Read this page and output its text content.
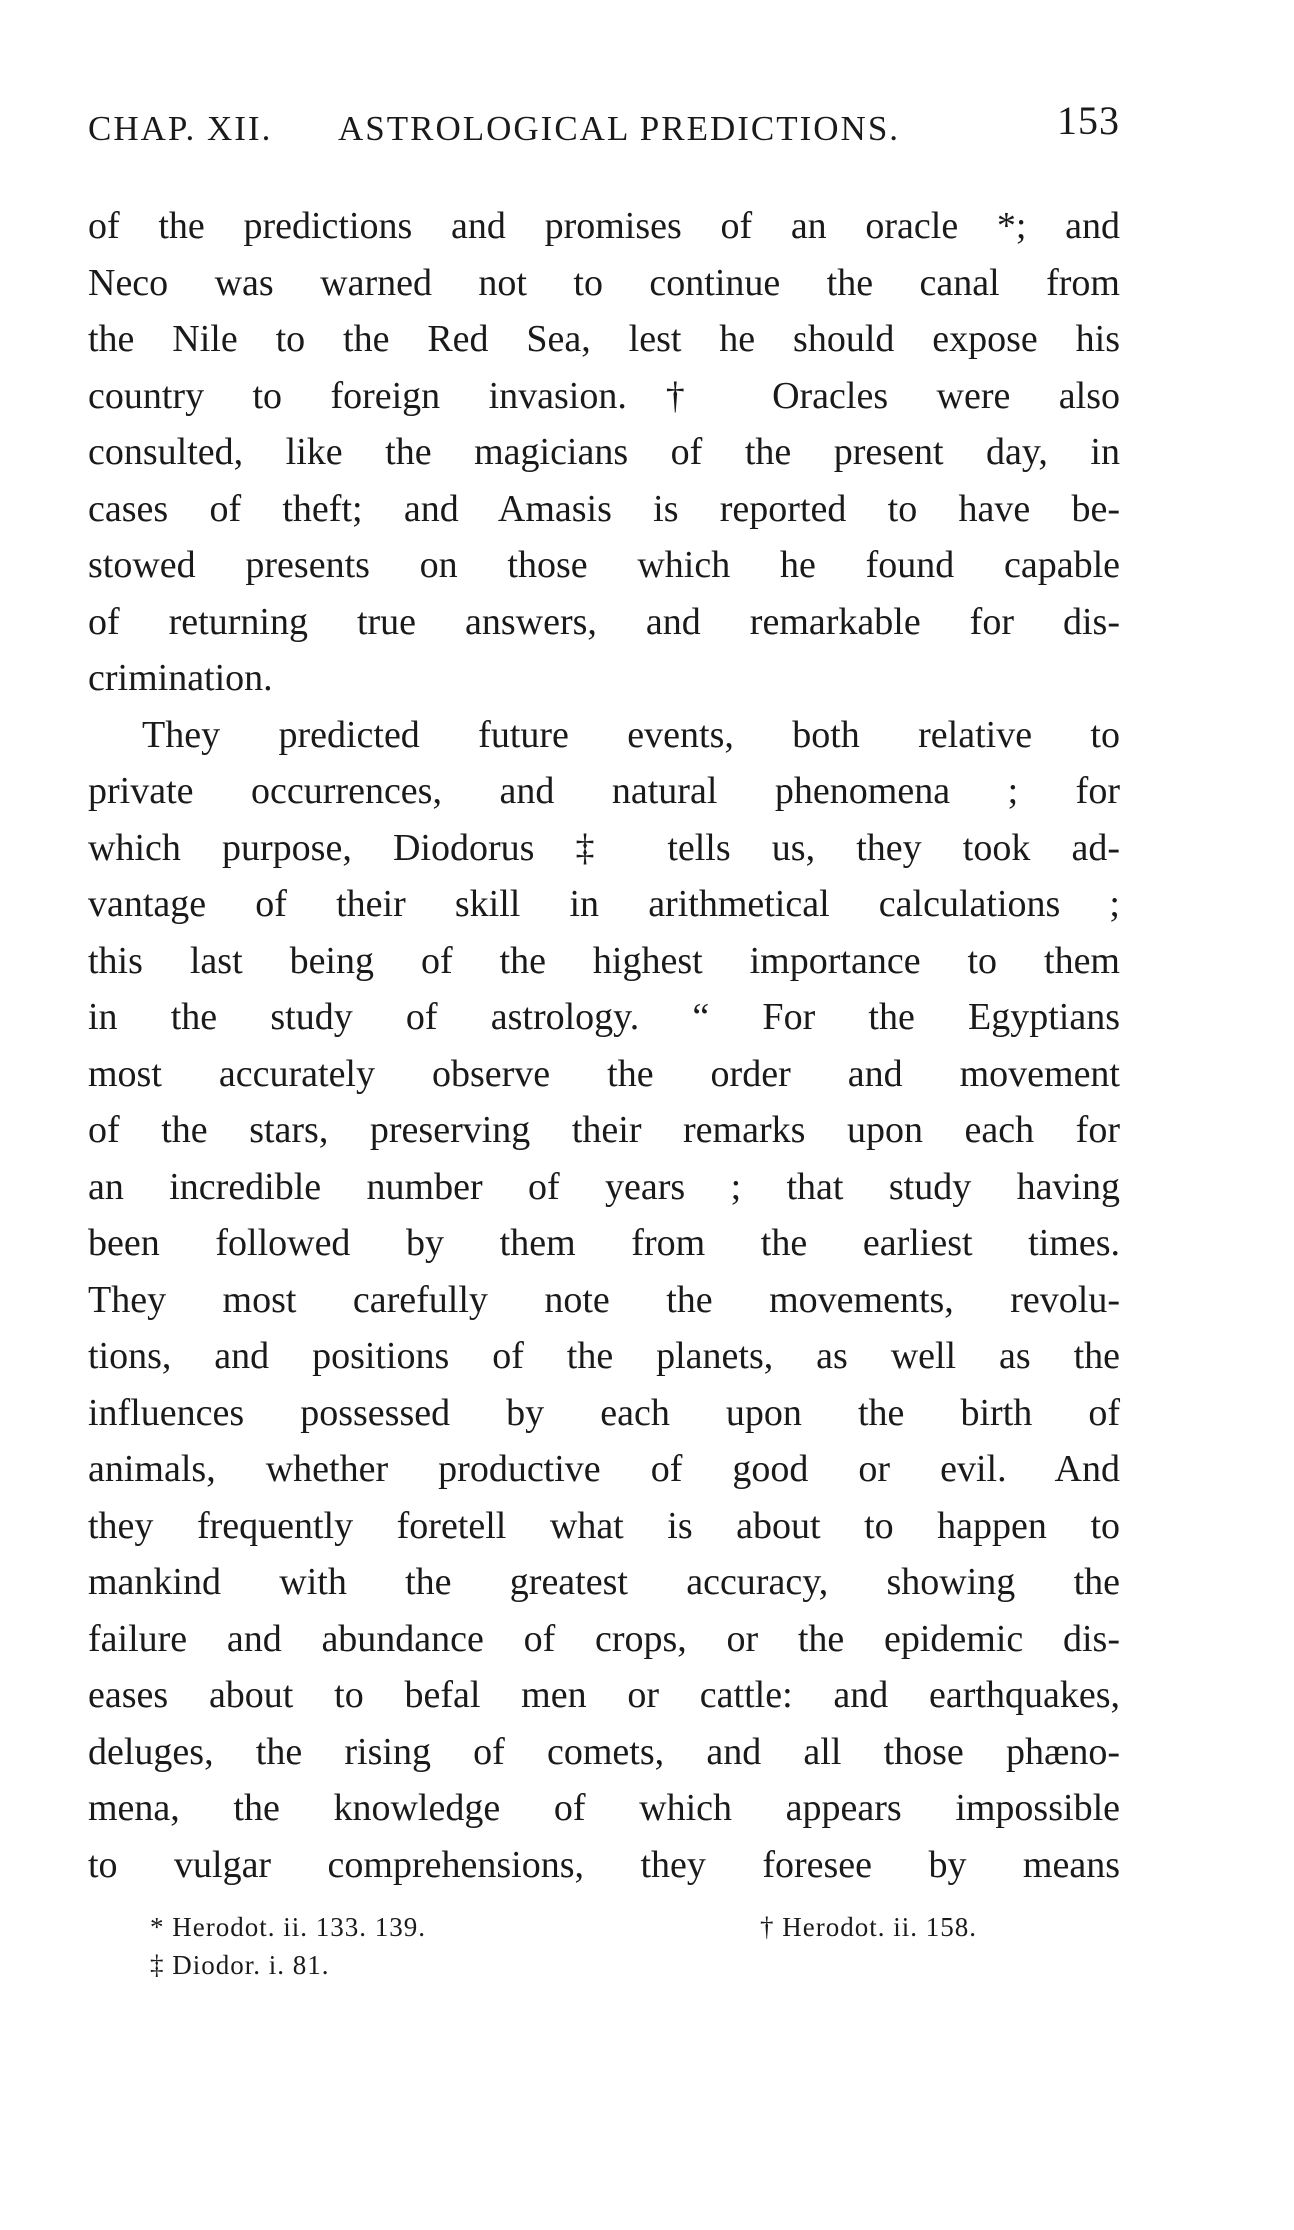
CHAP. XII. ASTROLOGICAL PREDICTIONS.	153
of the predictions and promises of an oracle *; and
Neco was warned not to continue the canal from
the Nile to the Red Sea, lest he should expose his
country to foreign invasion.† Oracles were also
consulted, like the magicians of the present day, in
cases of theft; and Amasis is reported to have be-
stowed presents on those which he found capable
of returning true answers, and remarkable for dis-
crimination.
They predicted future events, both relative to
private occurrences, and natural phenomena ; for
which purpose, Diodorus ‡ tells us, they took ad-
vantage of their skill in arithmetical calculations ;
this last being of the highest importance to them
in the study of astrology. “ For the Egyptians
most accurately observe the order and movement
of the stars, preserving their remarks upon each for
an incredible number of years ; that study having
been followed by them from the earliest times.
They most carefully note the movements, revolu-
tions, and positions of the planets, as well as the
influences possessed by each upon the birth of
animals, whether productive of good or evil. And
they frequently foretell what is about to happen to
mankind with the greatest accuracy, showing the
failure and abundance of crops, or the epidemic dis-
eases about to befal men or cattle: and earthquakes,
deluges, the rising of comets, and all those phæno-
mena, the knowledge of which appears impossible
to vulgar comprehensions, they foresee by means
* Herodot. ii. 133. 139.	† Herodot. ii. 158.
‡ Diodor. i. 81.
